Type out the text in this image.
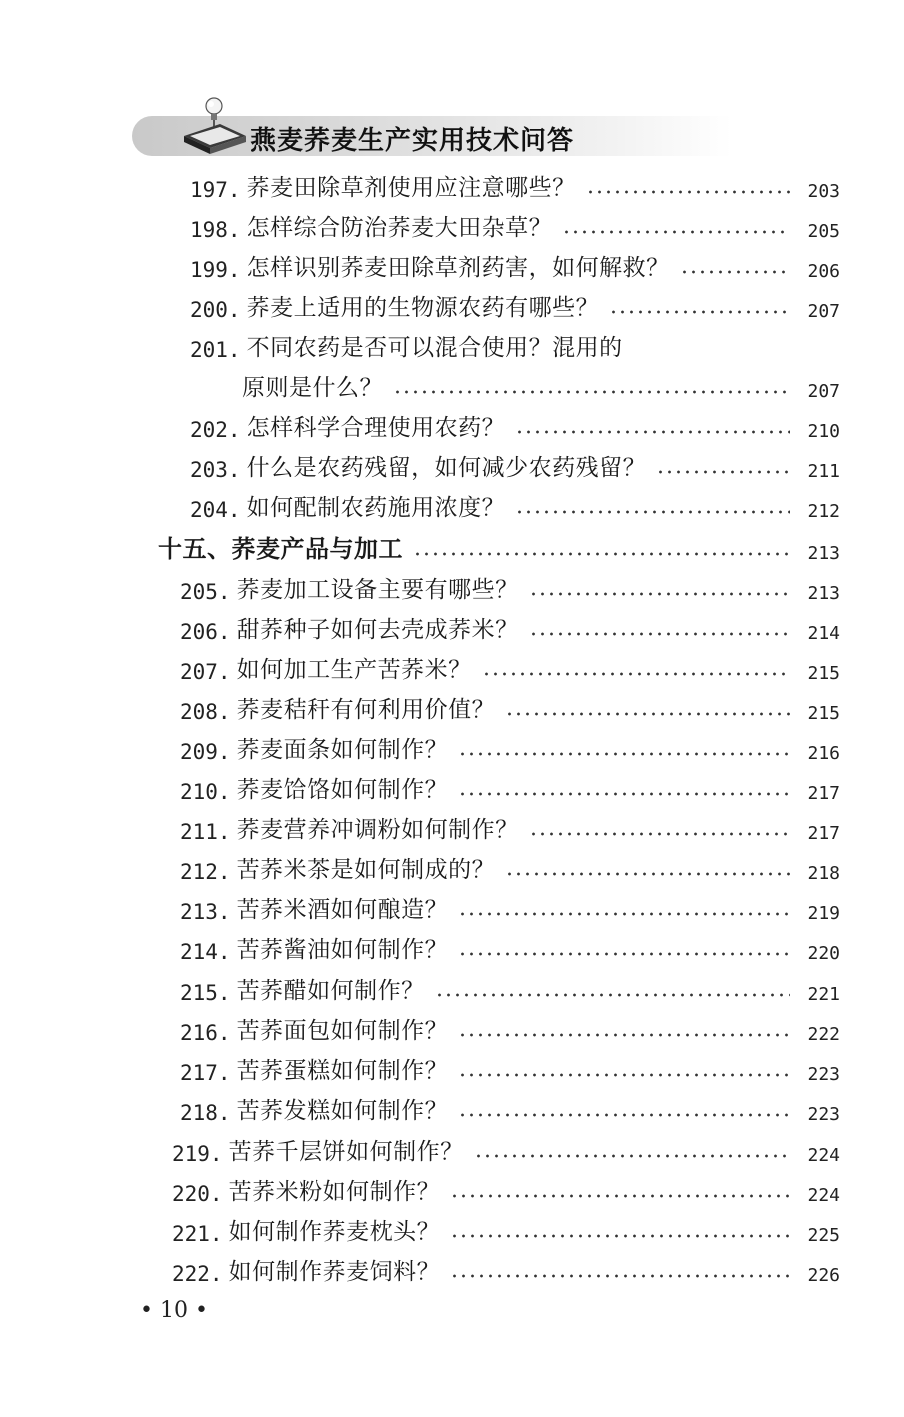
燕麦荞麦生产实用技术问答
197. 荞麦田除草剂使用应注意哪些？	203
198. 怎样综合防治荞麦大田杂草？	205
199. 怎样识别荞麦田除草剂药害，如何解救？	206
200. 荞麦上适用的生物源农药有哪些？	207
201. 不同农药是否可以混合使用？混用的
原则是什么？	207
202. 怎样科学合理使用农药？	210
203. 什么是农药残留，如何减少农药残留？	211
204. 如何配制农药施用浓度？	212
十五、荞麦产品与加工	213
205. 荞麦加工设备主要有哪些？	213
206. 甜荞种子如何去壳成荞米？	214
207. 如何加工生产苦荞米？	215
208. 荞麦秸秆有何利用价值？	215
209. 荞麦面条如何制作？	216
210. 荞麦饸饹如何制作？	217
211. 荞麦营养冲调粉如何制作？	217
212. 苦荞米茶是如何制成的？	218
213. 苦荞米酒如何酿造？	219
214. 苦荞酱油如何制作？	220
215. 苦荞醋如何制作？	221
216. 苦荞面包如何制作？	222
217. 苦荞蛋糕如何制作？	223
218. 苦荞发糕如何制作？	223
219. 苦荞千层饼如何制作？	224
220. 苦荞米粉如何制作？	224
221. 如何制作荞麦枕头？	225
222. 如何制作荞麦饲料？	226
• 10 •
